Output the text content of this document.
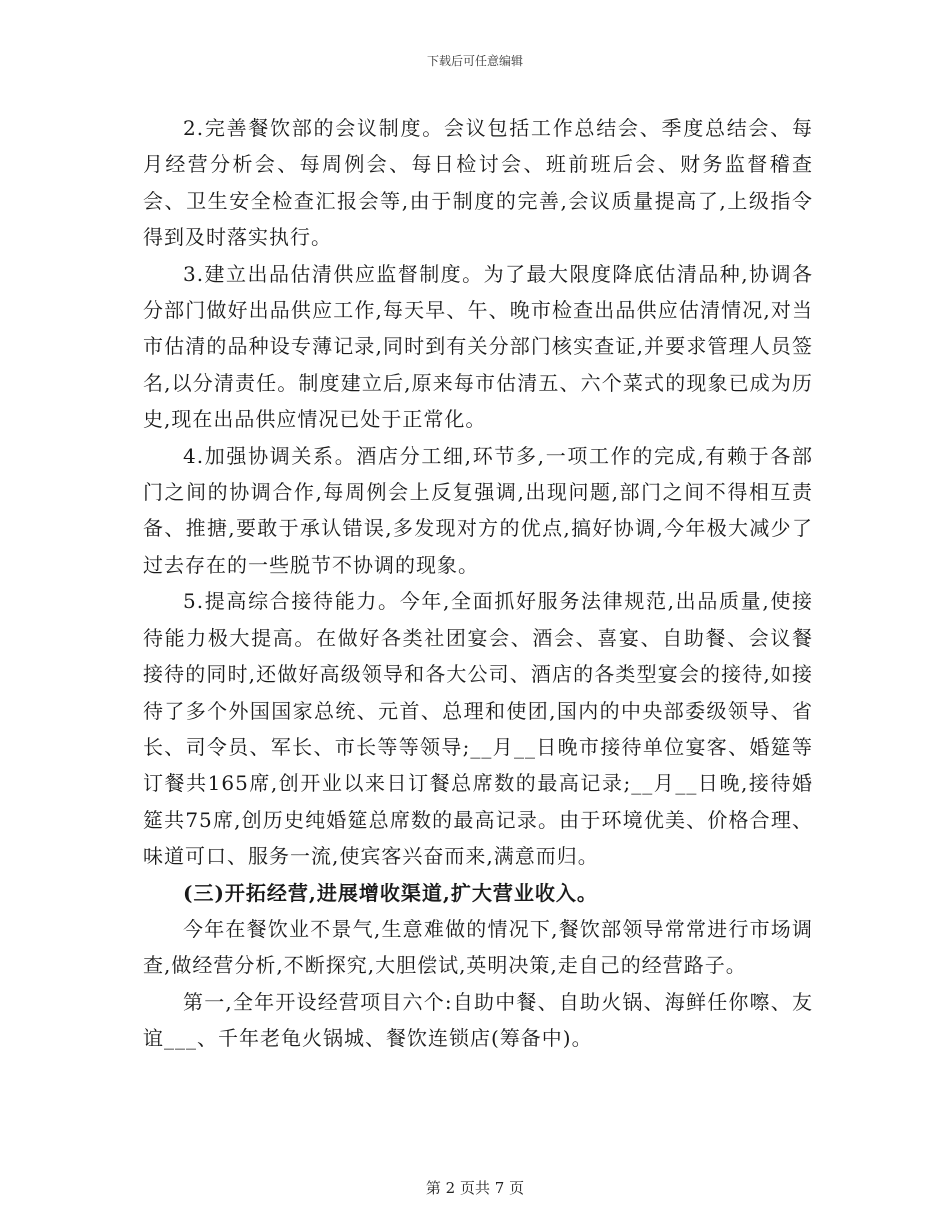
下载后可任意编辑

2.完善餐饮部的会议制度。会议包括工作总结会、季度总结会、每月经营分析会、每周例会、每日检讨会、班前班后会、财务监督稽查会、卫生安全检查汇报会等,由于制度的完善,会议质量提高了,上级指令得到及时落实执行。

3.建立出品估清供应监督制度。为了最大限度降底估清品种,协调各分部门做好出品供应工作,每天早、午、晚市检查出品供应估清情况,对当市估清的品种设专薄记录,同时到有关分部门核实查证,并要求管理人员签名,以分清责任。制度建立后,原来每市估清五、六个菜式的现象已成为历史,现在出品供应情况已处于正常化。

4.加强协调关系。酒店分工细,环节多,一项工作的完成,有赖于各部门之间的协调合作,每周例会上反复强调,出现问题,部门之间不得相互责备、推搪,要敢于承认错误,多发现对方的优点,搞好协调,今年极大减少了过去存在的一些脱节不协调的现象。

5.提高综合接待能力。今年,全面抓好服务法律规范,出品质量,使接待能力极大提高。在做好各类社团宴会、酒会、喜宴、自助餐、会议餐接待的同时,还做好高级领导和各大公司、酒店的各类型宴会的接待,如接待了多个外国国家总统、元首、总理和使团,国内的中央部委级领导、省长、司令员、军长、市长等等领导;__月__日晚市接待单位宴客、婚筵等订餐共165席,创开业以来日订餐总席数的最高记录;__月__日晚,接待婚筵共75席,创历史纯婚筵总席数的最高记录。由于环境优美、价格合理、味道可口、服务一流,使宾客兴奋而来,满意而归。

(三)开拓经营,进展增收渠道,扩大营业收入。

今年在餐饮业不景气,生意难做的情况下,餐饮部领导常常进行市场调查,做经营分析,不断探究,大胆偿试,英明决策,走自己的经营路子。

第一,全年开设经营项目六个:自助中餐、自助火锅、海鲜任你嚓、友谊___、千年老龟火锅城、餐饮连锁店(筹备中)。

第 2 页共 7 页
